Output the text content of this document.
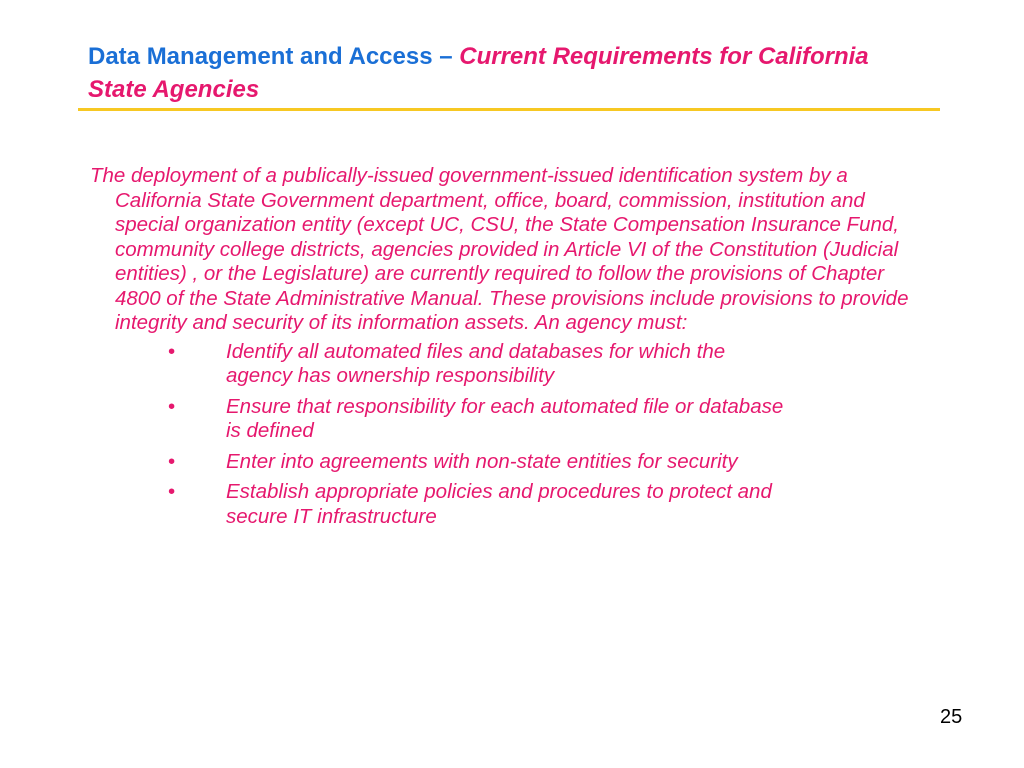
Data Management and Access – Current Requirements for California State Agencies

The deployment of a publically-issued government-issued identification system by a California State Government department, office, board, commission, institution and special organization entity (except UC, CSU, the State Compensation Insurance Fund, community college districts, agencies provided in Article VI of the Constitution (Judicial entities) , or the Legislature) are currently required to follow the provisions of Chapter 4800 of the State Administrative Manual. These provisions include provisions to provide integrity and security of its information assets. An agency must:

• Identify all automated files and databases for which the agency has ownership responsibility
• Ensure that responsibility for each automated file or database is defined
• Enter into agreements with non-state entities for security
• Establish appropriate policies and procedures to protect and secure IT infrastructure
25
